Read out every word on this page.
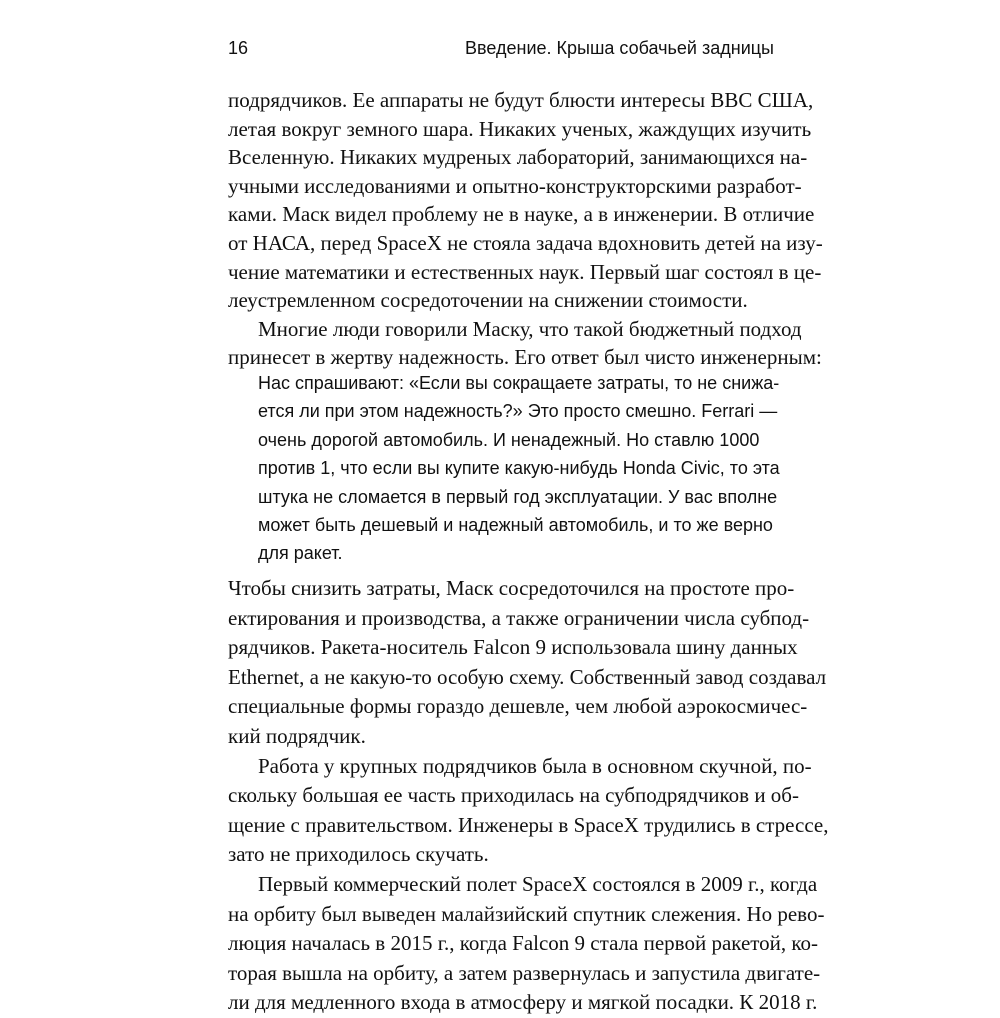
16	Введение. Крыша собачьей задницы
подрядчиков. Ее аппараты не будут блюсти интересы ВВС США,
летая вокруг земного шара. Никаких ученых, жаждущих изучить
Вселенную. Никаких мудреных лабораторий, занимающихся на-
учными исследованиями и опытно-конструкторскими разработ-
ками. Маск видел проблему не в науке, а в инженерии. В отличие
от НАСА, перед SpaceX не стояла задача вдохновить детей на изу-
чение математики и естественных наук. Первый шаг состоял в це-
леустремленном сосредоточении на снижении стоимости.
Многие люди говорили Маску, что такой бюджетный подход
принесет в жертву надежность. Его ответ был чисто инженерным:
Нас спрашивают: «Если вы сокращаете затраты, то не снижа-
ется ли при этом надежность?» Это просто смешно. Ferrari —
очень дорогой автомобиль. И ненадежный. Но ставлю 1000
против 1, что если вы купите какую-нибудь Honda Civic, то эта
штука не сломается в первый год эксплуатации. У вас вполне
может быть дешевый и надежный автомобиль, и то же верно
для ракет.
Чтобы снизить затраты, Маск сосредоточился на простоте про-
ектирования и производства, а также ограничении числа субпод-
рядчиков. Ракета-носитель Falcon 9 использовала шину данных
Ethernet, а не какую-то особую схему. Собственный завод создавал
специальные формы гораздо дешевле, чем любой аэрокосмичес-
кий подрядчик.
Работа у крупных подрядчиков была в основном скучной, по-
скольку большая ее часть приходилась на субподрядчиков и об-
щение с правительством. Инженеры в SpaceX трудились в стрессе,
зато не приходилось скучать.
Первый коммерческий полет SpaceX состоялся в 2009 г., когда
на орбиту был выведен малайзийский спутник слежения. Но рево-
люция началась в 2015 г., когда Falcon 9 стала первой ракетой, ко-
торая вышла на орбиту, а затем развернулась и запустила двигате-
ли для медленного входа в атмосферу и мягкой посадки. К 2018 г.
